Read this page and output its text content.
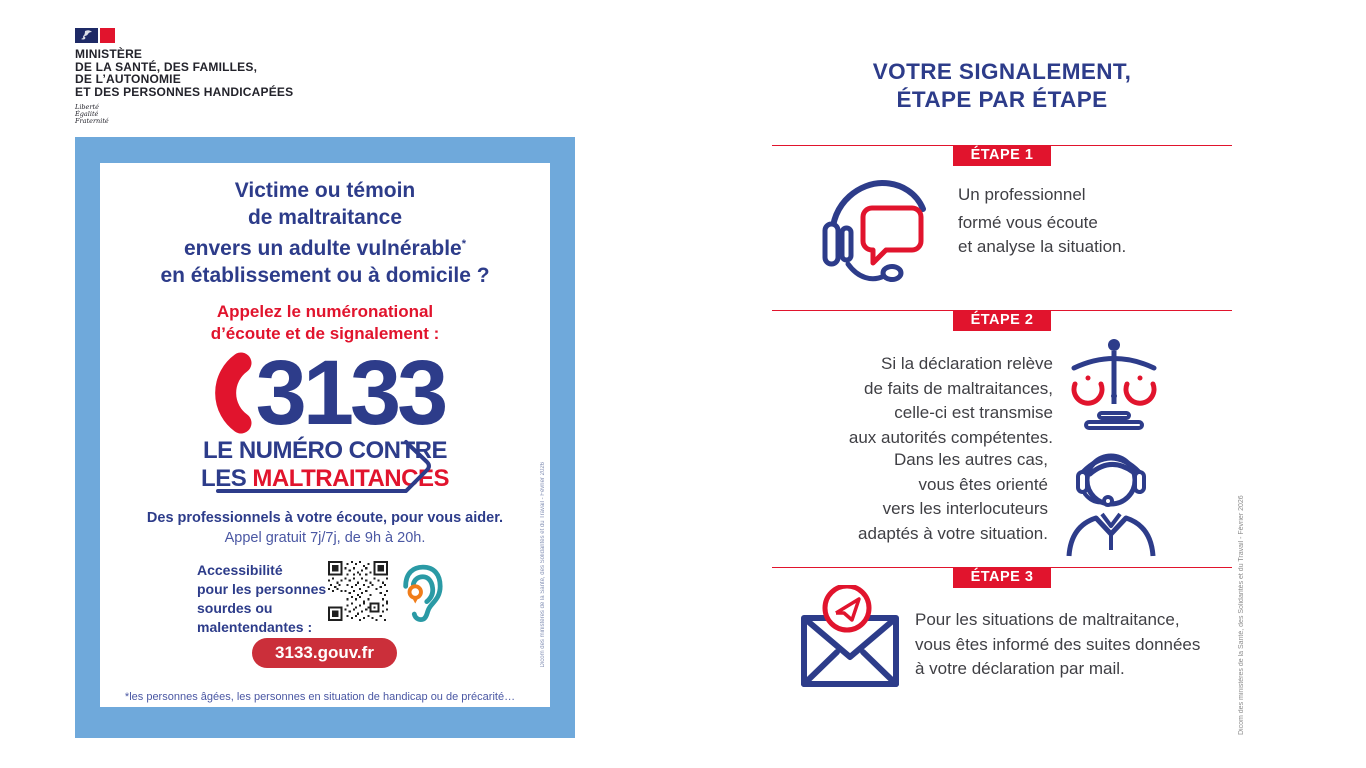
MINISTÈRE
DE LA SANTÉ, DES FAMILLES,
DE L’AUTONOMIE
ET DES PERSONNES HANDICAPÉES
Liberté
Égalité
Fraternité
Victime ou témoin
de maltraitance
envers un adulte vulnérable*
en établissement ou à domicile ?
Appelez le numéronational
d’écoute et de signalement :
3133
LE NUMÉRO CONTRE
LES MALTRAITANCES
Des professionnels à votre écoute, pour vous aider.
Appel gratuit 7j/7j, de 9h à 20h.
Accessibilité
pour les personnes
sourdes ou
malentendantes :
3133.gouv.fr
*les personnes âgées, les personnes en situation de handicap ou de précarité…
Dicom des ministères de la Santé, des Solidarités et du Travail - Février 2026
VOTRE SIGNALEMENT,
ÉTAPE PAR ÉTAPE
ÉTAPE 1
Un professionnel
formé vous écoute
et analyse la situation.
ÉTAPE 2
Si la déclaration relève
de faits de maltraitances,
celle-ci est transmise
aux autorités compétentes.
Dans les autres cas,
vous êtes orienté
vers les interlocuteurs
adaptés à votre situation.
ÉTAPE 3
Pour les situations de maltraitance,
vous êtes informé des suites données
à votre déclaration par mail.	Dicom des ministères de la Santé, des Solidarités et du Travail - Février 2026
